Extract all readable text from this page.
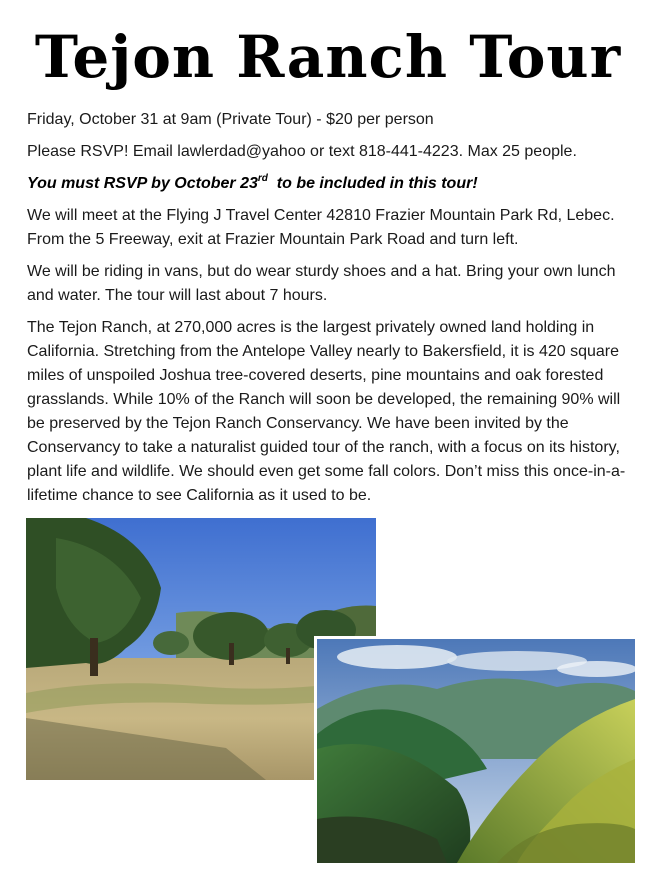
Tejon Ranch Tour

Friday, October 31 at 9am (Private Tour) - $20 per person

Please RSVP! Email lawlerdad@yahoo or text 818-441-4223. Max 25 people.

You must RSVP by October 23rd  to be included in this tour!

We will meet at the Flying J Travel Center 42810 Frazier Mountain Park Rd, Lebec. From the 5 Freeway, exit at Frazier Mountain Park Road and turn left.

We will be riding in vans, but do wear sturdy shoes and a hat. Bring your own lunch and water. The tour will last about 7 hours.

The Tejon Ranch, at 270,000 acres is the largest privately owned land holding in California. Stretching from the Antelope Valley nearly to Bakersfield, it is 420 square miles of unspoiled Joshua tree-covered deserts, pine mountains and oak forested grasslands. While 10% of the Ranch will soon be developed, the remaining 90% will be preserved by the Tejon Ranch Conservancy. We have been invited by the Conservancy to take a naturalist guided tour of the ranch, with a focus on its history, plant life and wildlife. We should even get some fall colors. Don’t miss this once-in-a-lifetime chance to see California as it used to be.
